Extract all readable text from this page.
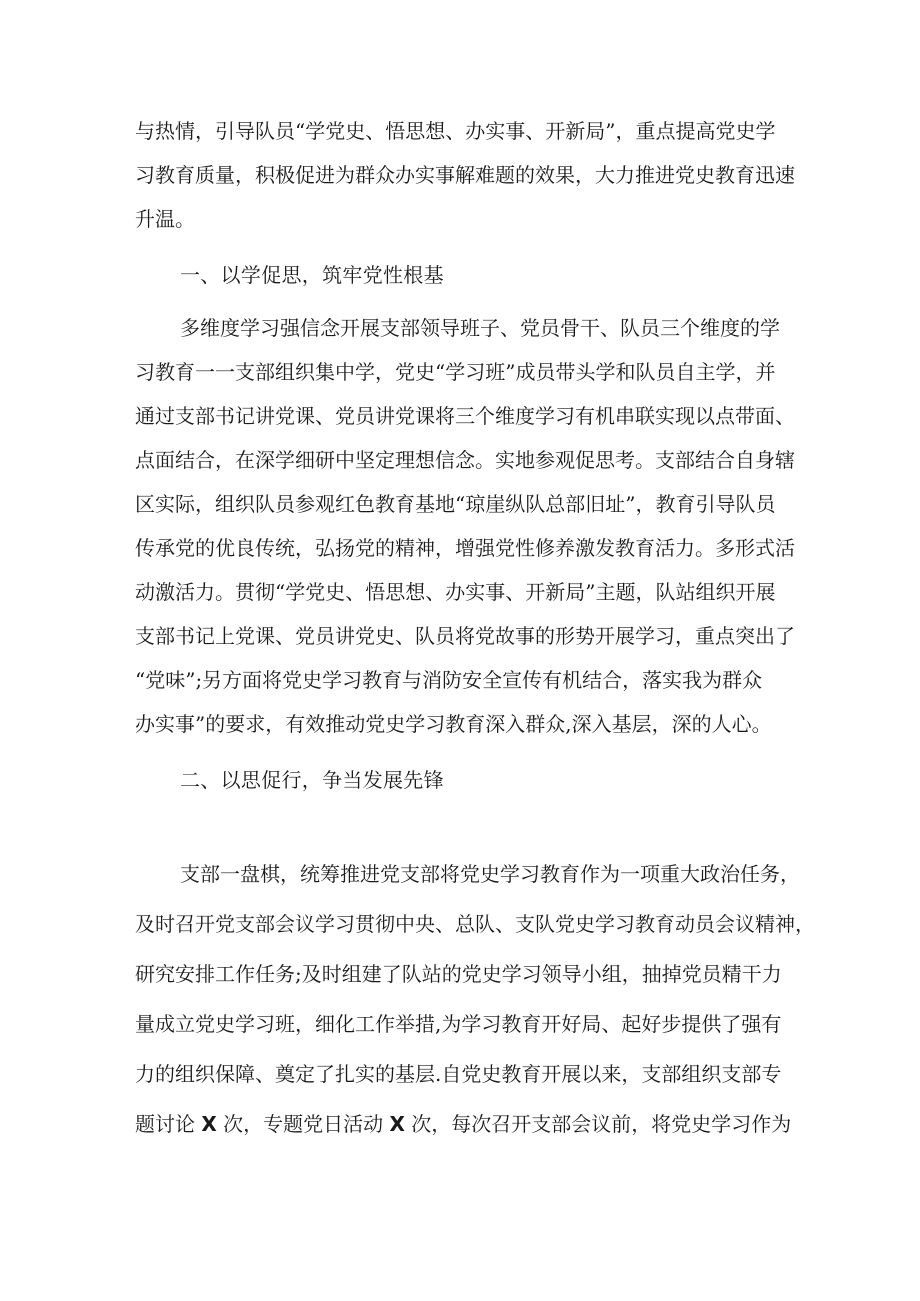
与热情，引导队员“学党史、悟思想、办实事、开新局”，重点提高党史学

习教育质量，积极促进为群众办实事解难题的效果，大力推进党史教育迅速

升温。

一、以学促思，筑牢党性根基

多维度学习强信念开展支部领导班子、党员骨干、队员三个维度的学

习教育一一支部组织集中学，党史“学习班”成员带头学和队员自主学，并

通过支部书记讲党课、党员讲党课将三个维度学习有机串联实现以点带面、

点面结合，在深学细研中坚定理想信念。实地参观促思考。支部结合自身辖

区实际，组织队员参观红色教育基地“琼崖纵队总部旧址”，教育引导队员

传承党的优良传统，弘扬党的精神，增强党性修养激发教育活力。多形式活

动激活力。贯彻“学党史、悟思想、办实事、开新局”主题，队站组织开展

支部书记上党课、党员讲党史、队员将党故事的形势开展学习，重点突出了

“党味”;另方面将党史学习教育与消防安全宣传有机结合，落实我为群众

办实事”的要求，有效推动党史学习教育深入群众,深入基层，深的人心。

二、以思促行，争当发展先锋

支部一盘棋，统筹推进党支部将党史学习教育作为一项重大政治任务，

及时召开党支部会议学习贯彻中央、总队、支队党史学习教育动员会议精神，

研究安排工作任务;及时组建了队站的党史学习领导小组，抽掉党员精干力

量成立党史学习班，细化工作举措,为学习教育开好局、起好步提供了强有

力的组织保障、奠定了扎实的基层.自党史教育开展以来，支部组织支部专

题讨论 X 次，专题党日活动 X 次，每次召开支部会议前，将党史学习作为
